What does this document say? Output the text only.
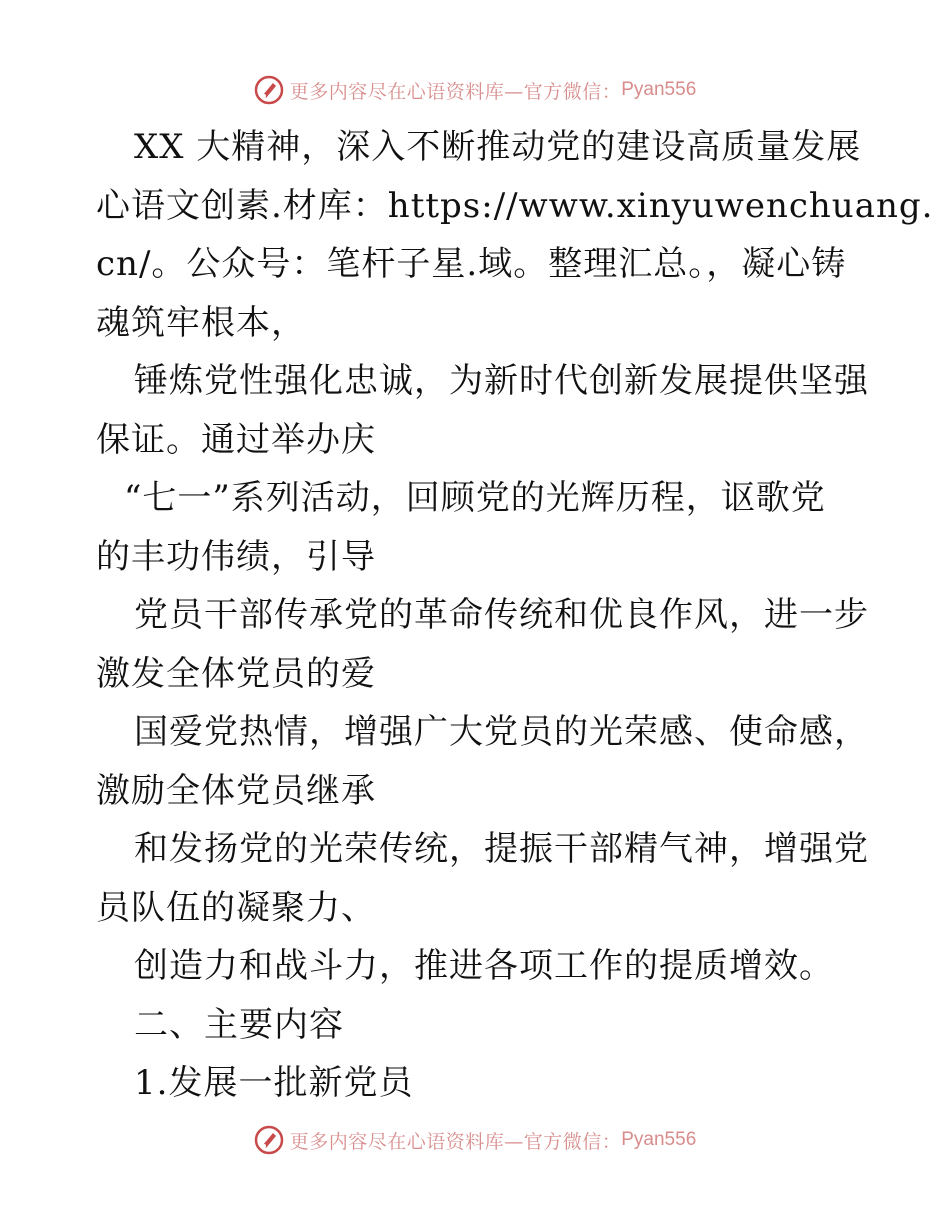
更多内容尽在心语资料库—官方微信： Pyan556
XX 大精神，深入不断推动党的建设高质量发展
心语文创素.材库：https://www.xinyuwenchuang.
cn/。公众号：笔杆子星.域。整理汇总。，凝心铸
魂筑牢根本，
锤炼党性强化忠诚，为新时代创新发展提供坚强
保证。通过举办庆
“七一”系列活动，回顾党的光辉历程，讴歌党
的丰功伟绩，引导
党员干部传承党的革命传统和优良作风，进一步
激发全体党员的爱
国爱党热情，增强广大党员的光荣感、使命感，
激励全体党员继承
和发扬党的光荣传统，提振干部精气神，增强党
员队伍的凝聚力、
创造力和战斗力，推进各项工作的提质增效。
二、主要内容
1.发展一批新党员
更多内容尽在心语资料库—官方微信： Pyan556
